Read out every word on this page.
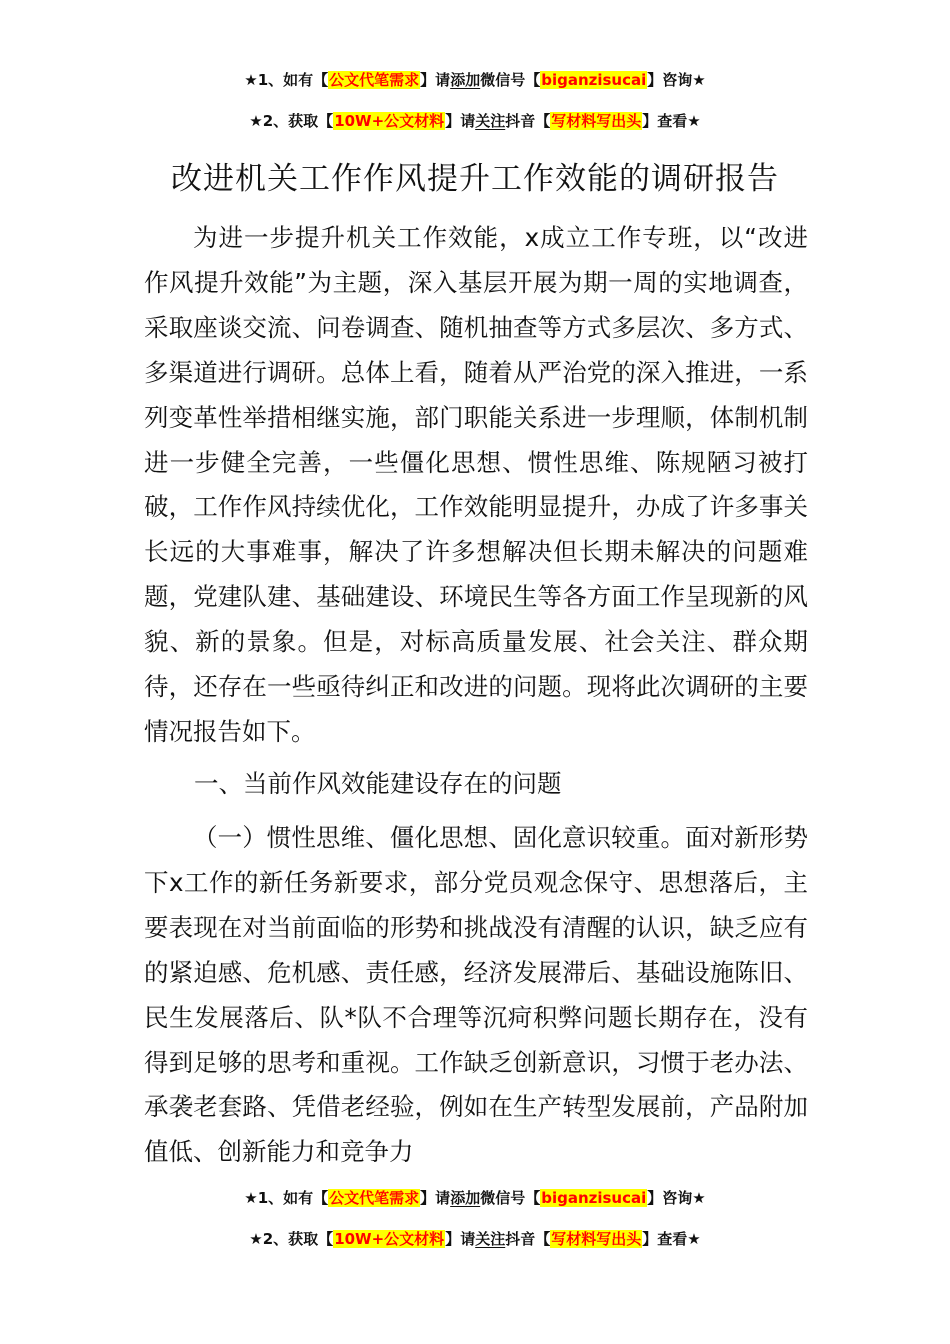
★1、如有【公文代笔需求】请添加微信号【biganzisucai】咨询★
★2、获取【10W+公文材料】请关注抖音【写材料写出头】查看★
改进机关工作作风提升工作效能的调研报告

为进一步提升机关工作效能，x成立工作专班，以“改进作风提升效能”为主题，深入基层开展为期一周的实地调查，采取座谈交流、问卷调查、随机抽查等方式多层次、多方式、多渠道进行调研。总体上看，随着从严治党的深入推进，一系列变革性举措相继实施，部门职能关系进一步理顺，体制机制进一步健全完善，一些僵化思想、惯性思维、陈规陋习被打破，工作作风持续优化，工作效能明显提升，办成了许多事关长远的大事难事，解决了许多想解决但长期未解决的问题难题，党建队建、基础建设、环境民生等各方面工作呈现新的风貌、新的景象。但是，对标高质量发展、社会关注、群众期待，还存在一些亟待纠正和改进的问题。现将此次调研的主要情况报告如下。

一、当前作风效能建设存在的问题

（一）惯性思维、僵化思想、固化意识较重。面对新形势下x工作的新任务新要求，部分党员观念保守、思想落后，主要表现在对当前面临的形势和挑战没有清醒的认识，缺乏应有的紧迫感、危机感、责任感，经济发展滞后、基础设施陈旧、民生发展落后、队*队不合理等沉疴积弊问题长期存在，没有得到足够的思考和重视。工作缺乏创新意识，习惯于老办法、承袭老套路、凭借老经验，例如在生产转型发展前，产品附加值低、创新能力和竞争力

★1、如有【公文代笔需求】请添加微信号【biganzisucai】咨询★
★2、获取【10W+公文材料】请关注抖音【写材料写出头】查看★
